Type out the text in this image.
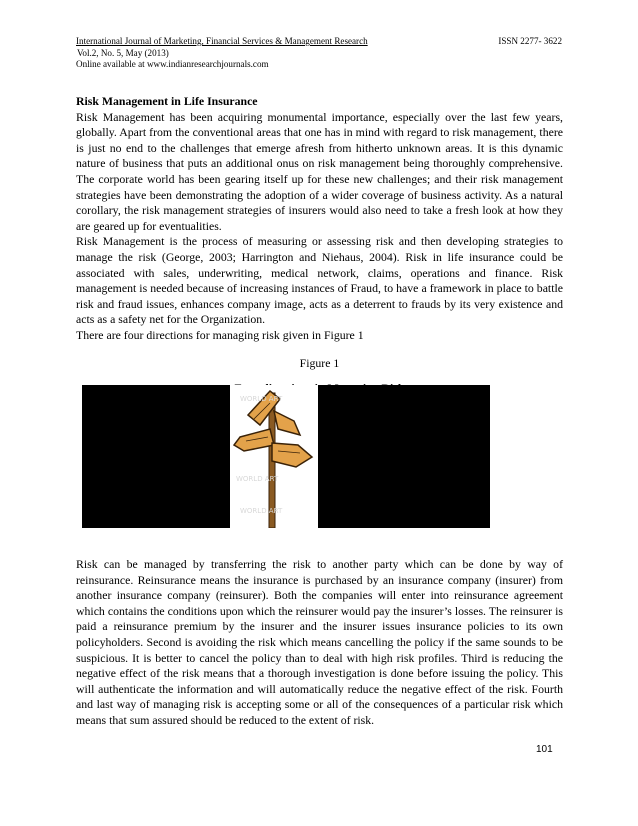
International Journal of Marketing, Financial Services & Management Research	ISSN 2277- 3622
Vol.2, No. 5, May (2013)
Online available at www.indianresearchjournals.com
Risk Management in Life Insurance
Risk Management has been acquiring monumental importance, especially over the last few years, globally. Apart from the conventional areas that one has in mind with regard to risk management, there is just no end to the challenges that emerge afresh from hitherto unknown areas. It is this dynamic nature of business that puts an additional onus on risk management being thoroughly comprehensive. The corporate world has been gearing itself up for these new challenges; and their risk management strategies have been demonstrating the adoption of a wider coverage of business activity. As a natural corollary, the risk management strategies of insurers would also need to take a fresh look at how they are geared up for eventualities.
Risk Management is the process of measuring or assessing risk and then developing strategies to manage the risk (George, 2003; Harrington and Niehaus, 2004). Risk in life insurance could be associated with sales, underwriting, medical network, claims, operations and finance. Risk management is needed because of increasing instances of Fraud, to have a framework in place to battle risk and fraud issues, enhances company image, acts as a deterrent to frauds by its very existence and acts as a safety net for the Organization.
There are four directions for managing risk given in Figure 1
Figure 1
WORLD ART
WORLD ART
WORLD ART
Risk can be managed by transferring the risk to another party which can be done by way of reinsurance. Reinsurance means the insurance is purchased by an insurance company (insurer) from another insurance company (reinsurer). Both the companies will enter into reinsurance agreement which contains the conditions upon which the reinsurer would pay the insurer’s losses. The reinsurer is paid a reinsurance premium by the insurer and the insurer issues insurance policies to its own policyholders. Second is avoiding the risk which means cancelling the policy if the same sounds to be suspicious. It is better to cancel the policy than to deal with high risk profiles. Third is reducing the negative effect of the risk means that a thorough investigation is done before issuing the policy. This will authenticate the information and will automatically reduce the negative effect of the risk. Fourth and last way of managing risk is accepting some or all of the consequences of a particular risk which means that sum assured should be reduced to the extent of risk.
101
